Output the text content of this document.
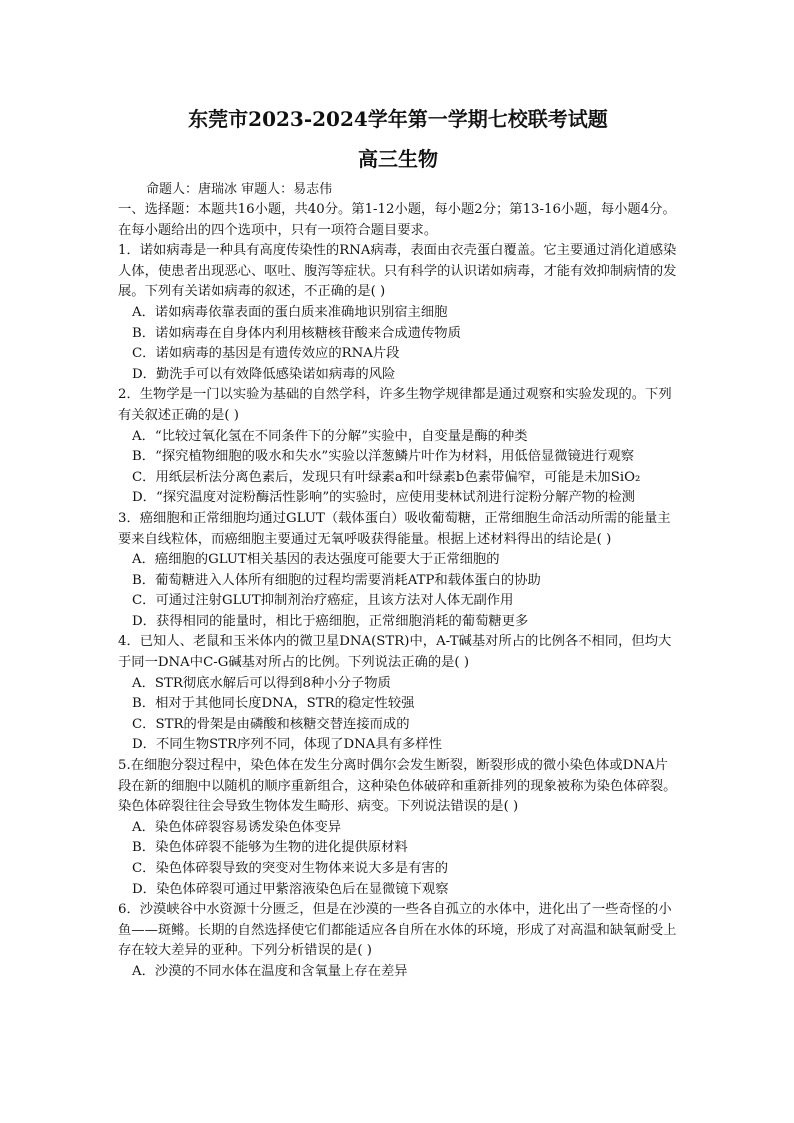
东莞市2023-2024学年第一学期七校联考试题
高三生物
命题人：唐瑞冰 审题人：易志伟

一、选择题：本题共16小题，共40分。第1-12小题，每小题2分；第13-16小题，每小题4分。在每小题给出的四个选项中，只有一项符合题目要求。

1．诺如病毒是一种具有高度传染性的RNA病毒，表面由衣壳蛋白覆盖。它主要通过消化道感染人体，使患者出现恶心、呕吐、腹泻等症状。只有科学的认识诺如病毒，才能有效抑制病情的发展。下列有关诺如病毒的叙述，不正确的是( )

A．诺如病毒依靠表面的蛋白质来准确地识别宿主细胞
B．诺如病毒在自身体内利用核糖核苷酸来合成遗传物质
C．诺如病毒的基因是有遗传效应的RNA片段
D．勤洗手可以有效降低感染诺如病毒的风险

2．生物学是一门以实验为基础的自然学科，许多生物学规律都是通过观察和实验发现的。下列有关叙述正确的是( )

A．“比较过氧化氢在不同条件下的分解”实验中，自变量是酶的种类
B．“探究植物细胞的吸水和失水”实验以洋葱鳞片叶作为材料，用低倍显微镜进行观察
C．用纸层析法分离色素后，发现只有叶绿素a和叶绿素b色素带偏窄，可能是未加SiO₂
D．“探究温度对淀粉酶活性影响”的实验时，应使用斐林试剂进行淀粉分解产物的检测

3．癌细胞和正常细胞均通过GLUT（载体蛋白）吸收葡萄糖，正常细胞生命活动所需的能量主要来自线粒体，而癌细胞主要通过无氧呼吸获得能量。根据上述材料得出的结论是( )

A．癌细胞的GLUT相关基因的表达强度可能要大于正常细胞的
B．葡萄糖进入人体所有细胞的过程均需要消耗ATP和载体蛋白的协助
C．可通过注射GLUT抑制剂治疗癌症，且该方法对人体无副作用
D．获得相同的能量时，相比于癌细胞，正常细胞消耗的葡萄糖更多

4．已知人、老鼠和玉米体内的微卫星DNA(STR)中，A-T碱基对所占的比例各不相同，但均大于同一DNA中C-G碱基对所占的比例。下列说法正确的是( )

A．STR彻底水解后可以得到8种小分子物质
B．相对于其他同长度DNA，STR的稳定性较强
C．STR的骨架是由磷酸和核糖交替连接而成的
D．不同生物STR序列不同，体现了DNA具有多样性

5.在细胞分裂过程中，染色体在发生分离时偶尔会发生断裂，断裂形成的微小染色体或DNA片段在新的细胞中以随机的顺序重新组合，这种染色体破碎和重新排列的现象被称为染色体碎裂。染色体碎裂往往会导致生物体发生畸形、病变。下列说法错误的是( )

A．染色体碎裂容易诱发染色体变异
B．染色体碎裂不能够为生物的进化提供原材料
C．染色体碎裂导致的突变对生物体来说大多是有害的
D．染色体碎裂可通过甲紫溶液染色后在显微镜下观察

6．沙漠峡谷中水资源十分匮乏，但是在沙漠的一些各自孤立的水体中，进化出了一些奇怪的小鱼——斑鳉。长期的自然选择使它们都能适应各自所在水体的环境，形成了对高温和缺氧耐受上存在较大差异的亚种。下列分析错误的是( )

A．沙漠的不同水体在温度和含氧量上存在差异
